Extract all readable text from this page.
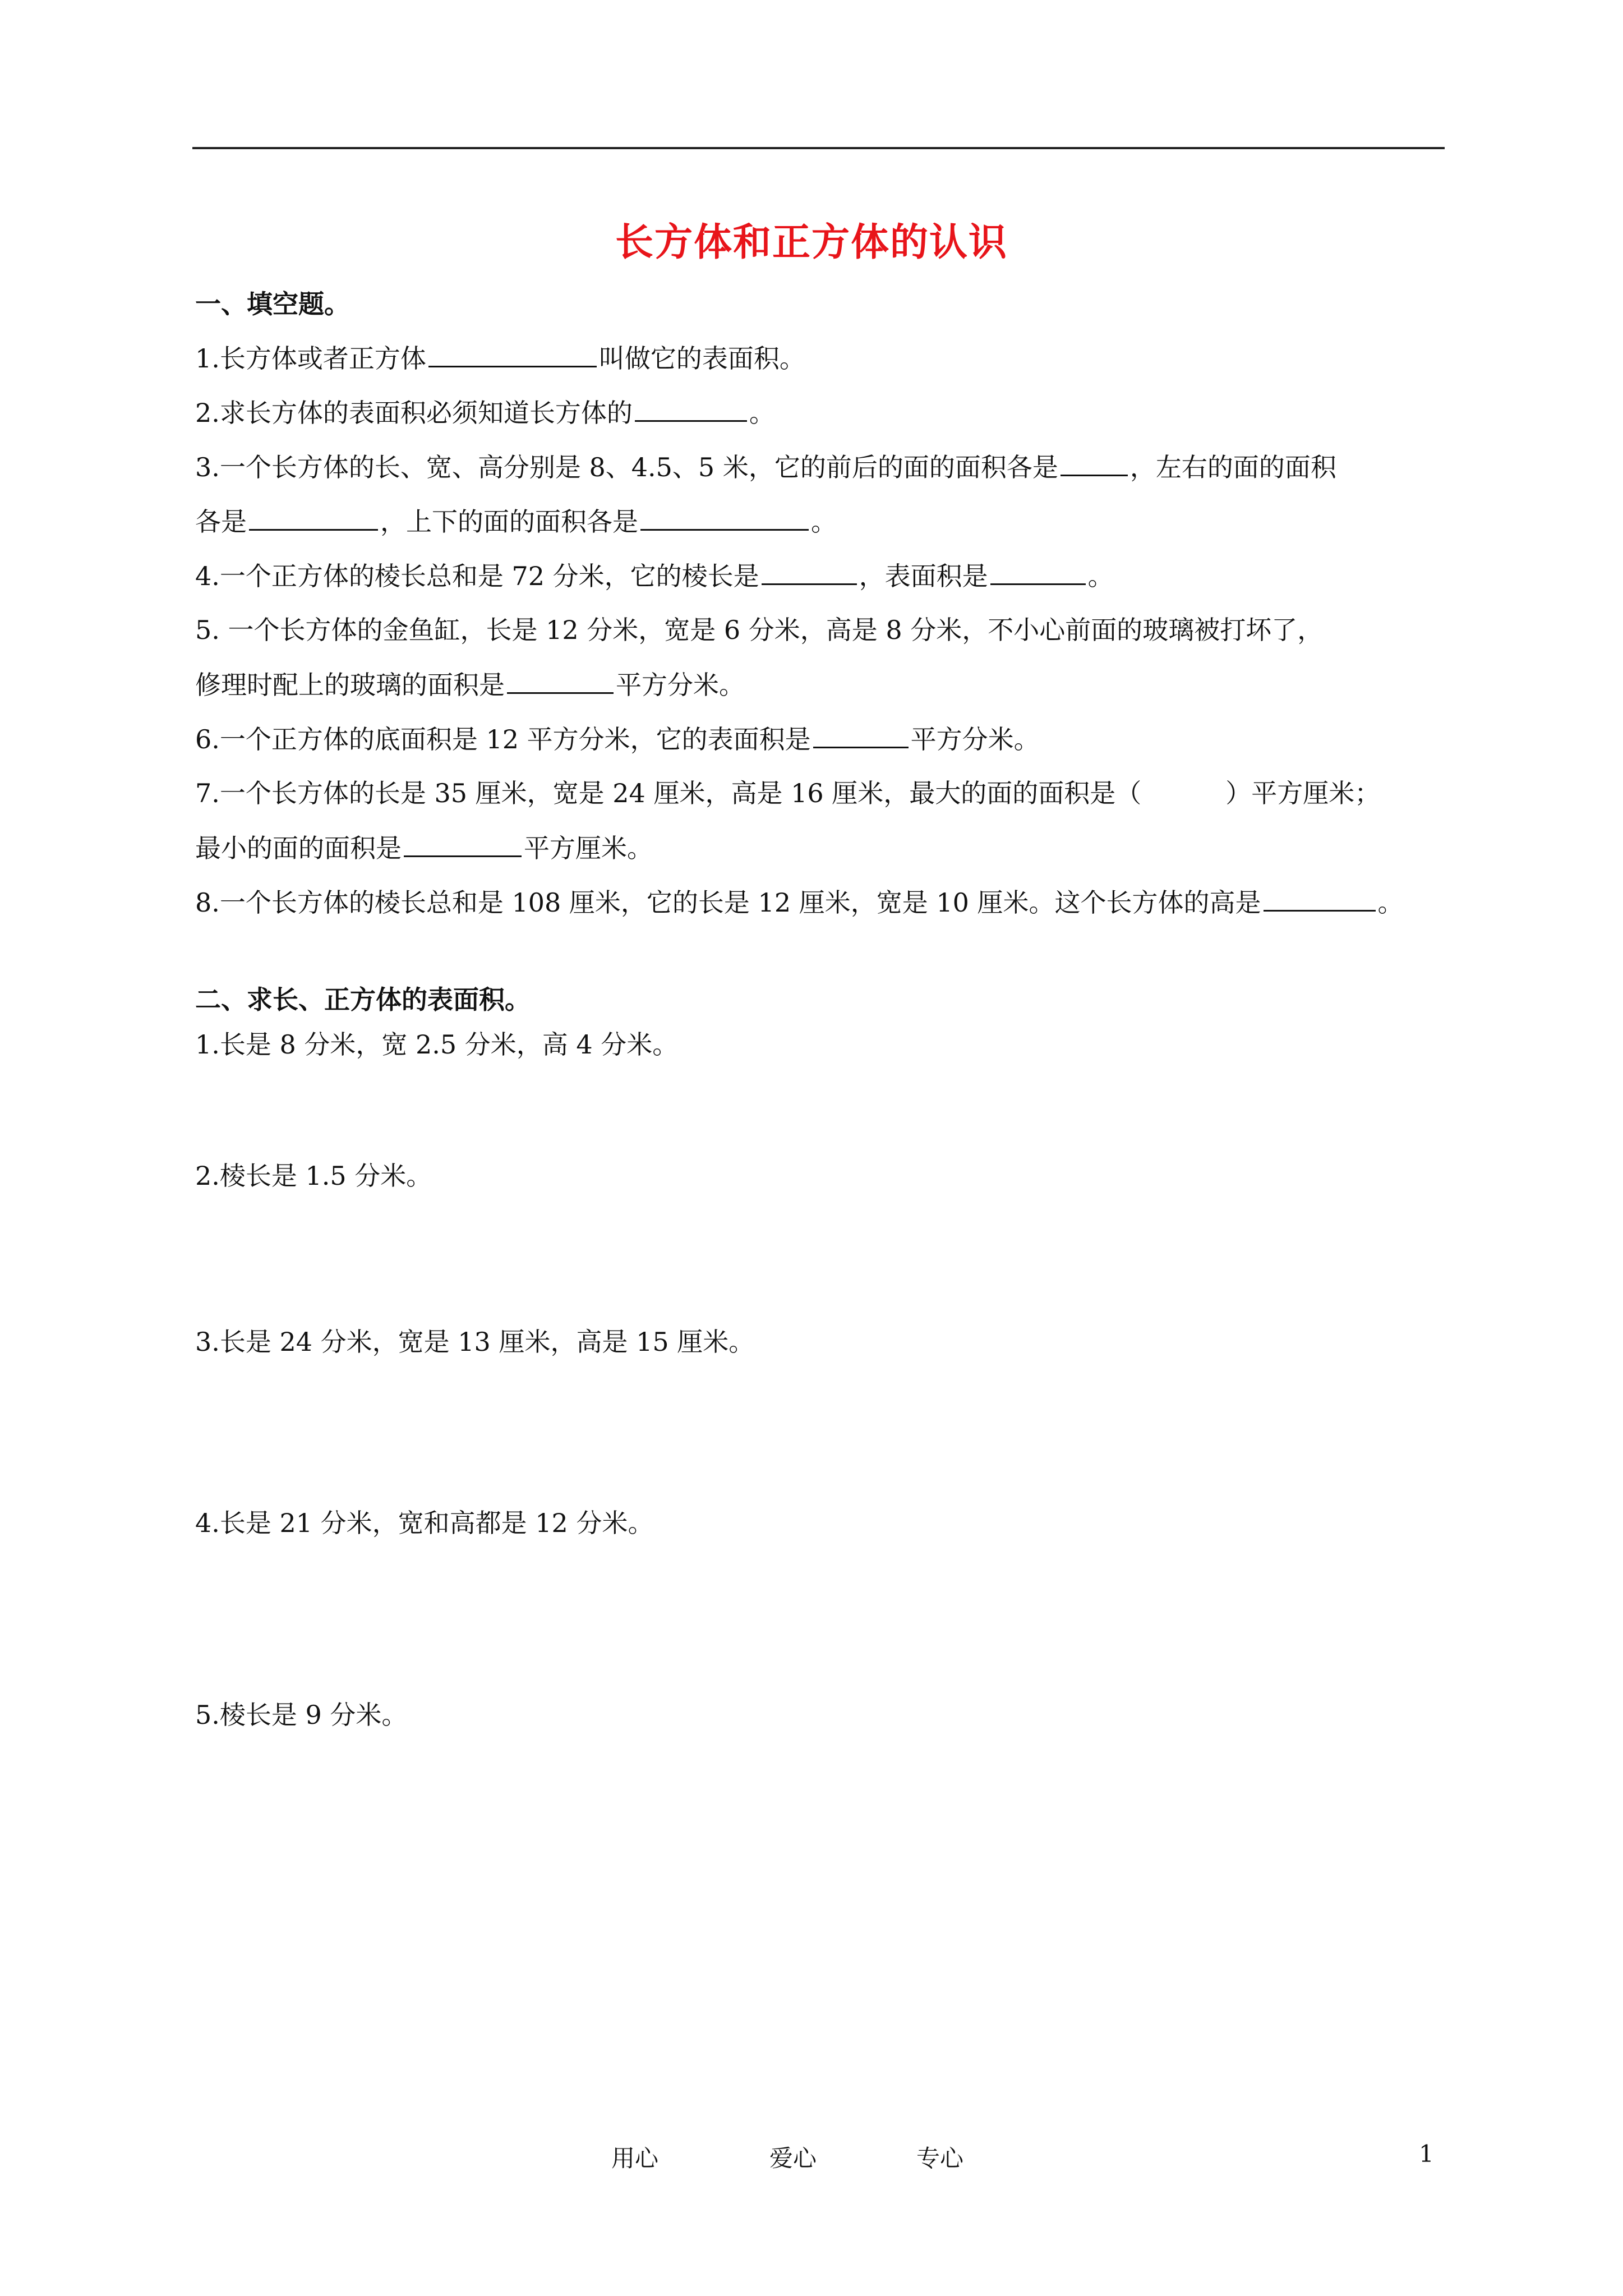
长方体和正方体的认识
一、填空题。
1.长方体或者正方体	叫做它的表面积。
2.求长方体的表面积必须知道长方体的	。
3.一个长方体的长、宽、高分别是 8、4.5、5 米，它的前后的面的面积各是	，左右的面的面积
各是	，上下的面的面积各是	。
4.一个正方体的棱长总和是 72 分米，它的棱长是	，表面积是	。
5. 一个长方体的金鱼缸，长是 12 分米，宽是 6 分米，高是 8 分米，不小心前面的玻璃被打坏了，
修理时配上的玻璃的面积是	平方分米。
6.一个正方体的底面积是 12 平方分米，它的表面积是	平方分米。
7.一个长方体的长是 35 厘米，宽是 24 厘米，高是 16 厘米，最大的面的面积是（	）平方厘米；
最小的面的面积是	平方厘米。
8.一个长方体的棱长总和是 108 厘米，它的长是 12 厘米，宽是 10 厘米。这个长方体的高是	。
二、求长、正方体的表面积。
1.长是 8 分米，宽 2.5 分米，高 4 分米。
2.棱长是 1.5 分米。
3.长是 24 分米，宽是 13 厘米，高是 15 厘米。
4.长是 21 分米，宽和高都是 12 分米。
5.棱长是 9 分米。
用心	爱心	专心	1
